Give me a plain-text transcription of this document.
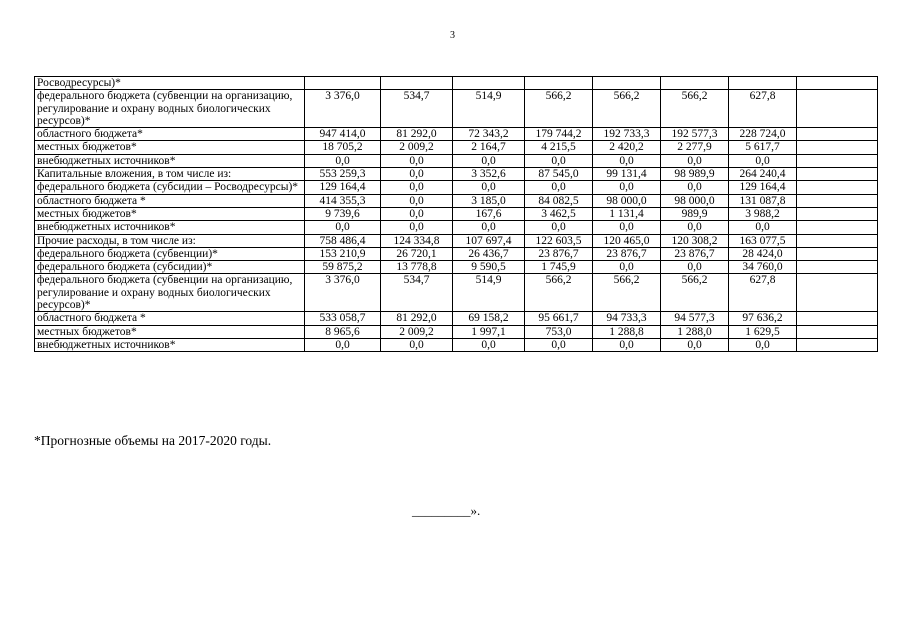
3
Росводресурсы)*								
федерального бюджета (субвенции на организацию, регулирование и охрану водных биологических ресурсов)*	3 376,0	534,7	514,9	566,2	566,2	566,2	627,8	
областного бюджета*	947 414,0	81 292,0	72 343,2	179 744,2	192 733,3	192 577,3	228 724,0	
местных бюджетов*	18 705,2	2 009,2	2 164,7	4 215,5	2 420,2	2 277,9	5 617,7	
внебюджетных источников*	0,0	0,0	0,0	0,0	0,0	0,0	0,0	
Капитальные вложения, в том числе из:	553 259,3	0,0	3 352,6	87 545,0	99 131,4	98 989,9	264 240,4	
федерального бюджета (субсидии – Росводресурсы)*	129 164,4	0,0	0,0	0,0	0,0	0,0	129 164,4	
областного бюджета *	414 355,3	0,0	3 185,0	84 082,5	98 000,0	98 000,0	131 087,8	
местных бюджетов*	9 739,6	0,0	167,6	3 462,5	1 131,4	989,9	3 988,2	
внебюджетных источников*	0,0	0,0	0,0	0,0	0,0	0,0	0,0	
Прочие расходы, в том числе из:	758 486,4	124 334,8	107 697,4	122 603,5	120 465,0	120 308,2	163 077,5	
федерального бюджета (субвенции)*	153 210,9	26 720,1	26 436,7	23 876,7	23 876,7	23 876,7	28 424,0	
федерального бюджета (субсидии)*	59 875,2	13 778,8	9 590,5	1 745,9	0,0	0,0	34 760,0	
федерального бюджета (субвенции на организацию, регулирование и охрану водных биологических ресурсов)*	3 376,0	534,7	514,9	566,2	566,2	566,2	627,8	
областного бюджета *	533 058,7	81 292,0	69 158,2	95 661,7	94 733,3	94 577,3	97 636,2	
местных бюджетов*	8 965,6	2 009,2	1 997,1	753,0	1 288,8	1 288,0	1 629,5	
внебюджетных источников*	0,0	0,0	0,0	0,0	0,0	0,0	0,0	
*Прогнозные объемы на 2017-2020 годы.
_________».
